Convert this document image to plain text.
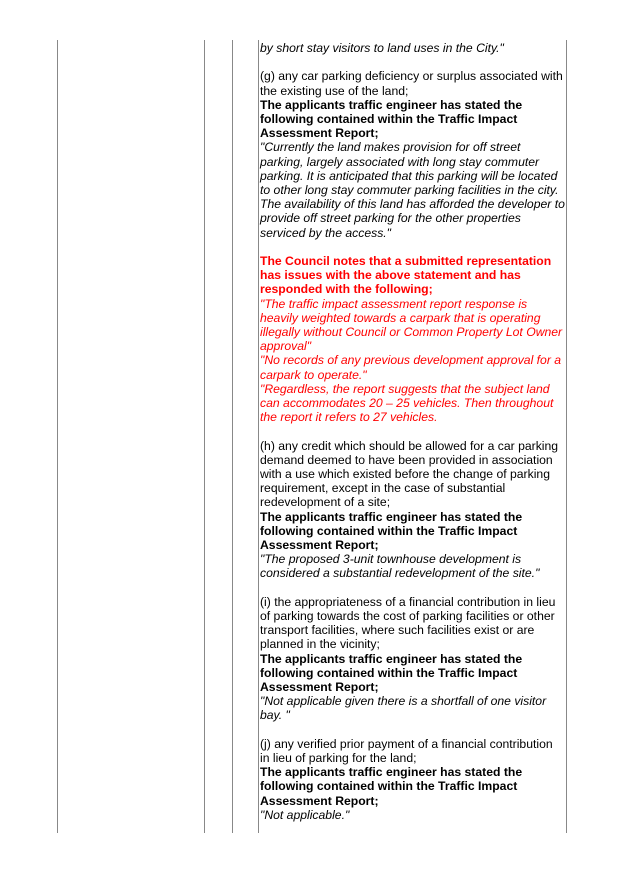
by short stay visitors to land uses in the City."

(g) any car parking deficiency or surplus associated with the existing use of the land;

The applicants traffic engineer has stated the following contained within the Traffic Impact Assessment Report;

"Currently the land makes provision for off street parking, largely associated with long stay commuter parking. It is anticipated that this parking will be located to other long stay commuter parking facilities in the city. The availability of this land has afforded the developer to provide off street parking for the other properties serviced by the access."

The Council notes that a submitted representation has issues with the above statement and has responded with the following;

"The traffic impact assessment report response is heavily weighted towards a carpark that is operating illegally without Council or Common Property Lot Owner approval"

"No records of any previous development approval for a carpark to operate."

"Regardless, the report suggests that the subject land can accommodates 20 – 25 vehicles. Then throughout the report it refers to 27 vehicles.

(h) any credit which should be allowed for a car parking demand deemed to have been provided in association with a use which existed before the change of parking requirement, except in the case of substantial redevelopment of a site;

The applicants traffic engineer has stated the following contained within the Traffic Impact Assessment Report;

"The proposed 3-unit townhouse development is considered a substantial redevelopment of the site."

(i) the appropriateness of a financial contribution in lieu of parking towards the cost of parking facilities or other transport facilities, where such facilities exist or are planned in the vicinity;

The applicants traffic engineer has stated the following contained within the Traffic Impact Assessment Report;

"Not applicable given there is a shortfall of one visitor bay. "

(j) any verified prior payment of a financial contribution in lieu of parking for the land;

The applicants traffic engineer has stated the following contained within the Traffic Impact Assessment Report;

"Not applicable."
